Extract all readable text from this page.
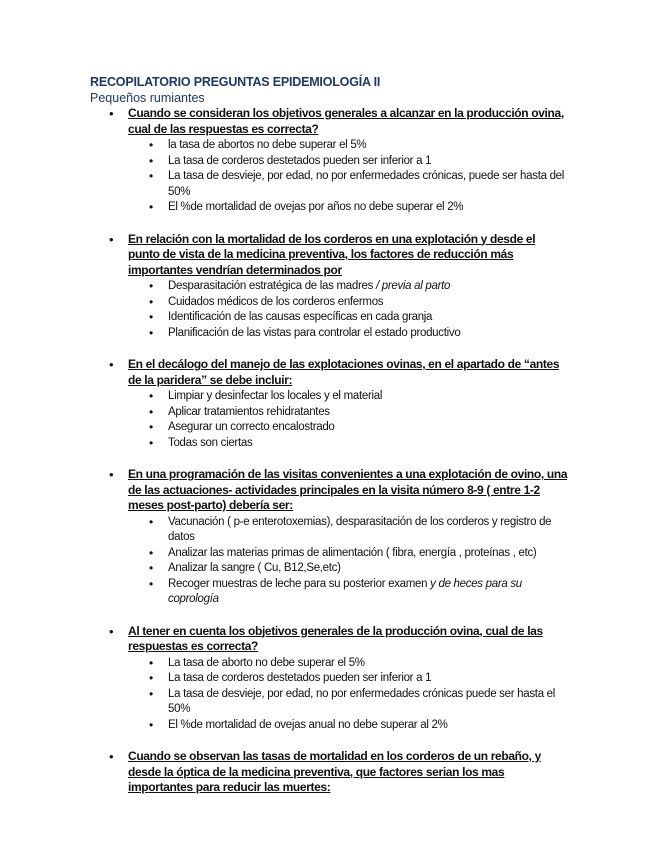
RECOPILATORIO PREGUNTAS EPIDEMIOLOGÍA II
Pequeños rumiantes
• Cuando se consideran los objetivos generales a alcanzar en la producción ovina, cual de las respuestas es correcta?
• la tasa de abortos no debe superar el 5%
• La tasa de corderos destetados pueden ser inferior a 1
• La tasa de desvieje, por edad, no por enfermedades crónicas, puede ser hasta del 50%
• El %de mortalidad de ovejas por años no debe superar el 2%
• En relación con la mortalidad de los corderos en una explotación y desde el punto de vista de la medicina preventiva, los factores de reducción más importantes vendrían determinados por
• Desparasitación estratégica de las madres / previa al parto
• Cuidados médicos de los corderos enfermos
• Identificación de las causas específicas en cada granja
• Planificación de las vistas para controlar el estado productivo
• En el decálogo del manejo de las explotaciones ovinas, en el apartado de “antes de la paridera” se debe incluir:
• Limpiar y desinfectar los locales y el material
• Aplicar tratamientos rehidratantes
• Asegurar un correcto encalostrado
• Todas son ciertas
• En una programación de las visitas convenientes a una explotación de ovino, una de las actuaciones- actividades principales en la visita número 8-9 ( entre 1-2 meses post-parto) debería ser:
• Vacunación ( p-e enterotoxemias), desparasitación de los corderos y registro de datos
• Analizar las materias primas de alimentación ( fibra, energía , proteínas , etc)
• Analizar la sangre ( Cu, B12,Se,etc)
• Recoger muestras de leche para su posterior examen y de heces para su coprología
• Al tener en cuenta los objetivos generales de la producción ovina, cual de las respuestas es correcta?
• La tasa de aborto no debe superar el 5%
• La tasa de corderos destetados pueden ser inferior a 1
• La tasa de desvieje, por edad, no por enfermedades crónicas puede ser hasta el 50%
• El %de mortalidad de ovejas anual no debe superar al 2%
• Cuando se observan las tasas de mortalidad en los corderos de un rebaño, y desde la óptica de la medicina preventiva, que factores serian los mas importantes para reducir las muertes:
